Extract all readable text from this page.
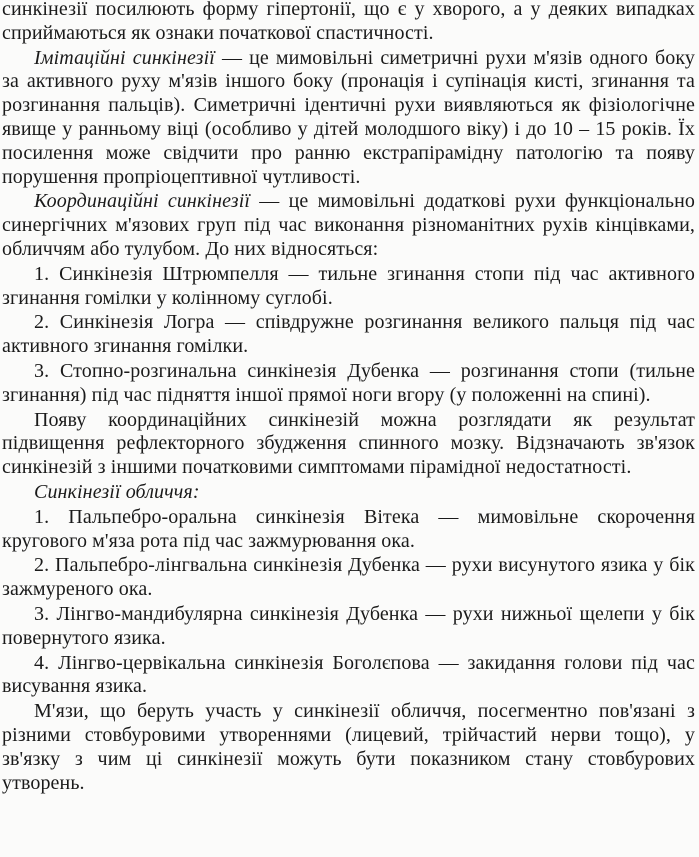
синкінезії посилюють форму гіпертонії, що є у хворого, а у деяких випадках сприймаються як ознаки початкової спастичності.

Імітаційні синкінезії — це мимовільні симетричні рухи м'язів одного боку за активного руху м'язів іншого боку (пронація і супінація кисті, згинання та розгинання пальців). Симетричні ідентичні рухи виявляються як фізіологічне явище у ранньому віці (особливо у дітей молодшого віку) і до 10 – 15 років. Їх посилення може свідчити про ранню екстрапірамідну патологію та появу порушення пропріоцептивної чутливості.

Координаційні синкінезії — це мимовільні додаткові рухи функціонально синергічних м'язових груп під час виконання різноманітних рухів кінцівками, обличчям або тулубом. До них відносяться:

1. Синкінезія Штрюмпелля — тильне згинання стопи під час активного згинання гомілки у колінному суглобі.

2. Синкінезія Логра — співдружне розгинання великого пальця під час активного згинання гомілки.

3. Стопно-розгинальна синкінезія Дубенка — розгинання стопи (тильне згинання) під час підняття іншої прямої ноги вгору (у положенні на спині).

Появу координаційних синкінезій можна розглядати як результат підвищення рефлекторного збудження спинного мозку. Відзначають зв'язок синкінезій з іншими початковими симптомами пірамідної недостатності.

Синкінезії обличчя:

1. Пальпебро-оральна синкінезія Вітека — мимовільне скорочення кругового м'яза рота під час зажмурювання ока.

2. Пальпебро-лінгвальна синкінезія Дубенка — рухи висунутого язика у бік зажмуреного ока.

3. Лінгво-мандибулярна синкінезія Дубенка — рухи нижньої щелепи у бік повернутого язика.

4. Лінгво-цервікальна синкінезія Боголєпова — закидання голови під час висування язика.

М'язи, що беруть участь у синкінезії обличчя, посегментно пов'язані з різними стовбуровими утвореннями (лицевий, трійчастий нерви тощо), у зв'язку з чим ці синкінезії можуть бути показником стану стовбурових утворень.
